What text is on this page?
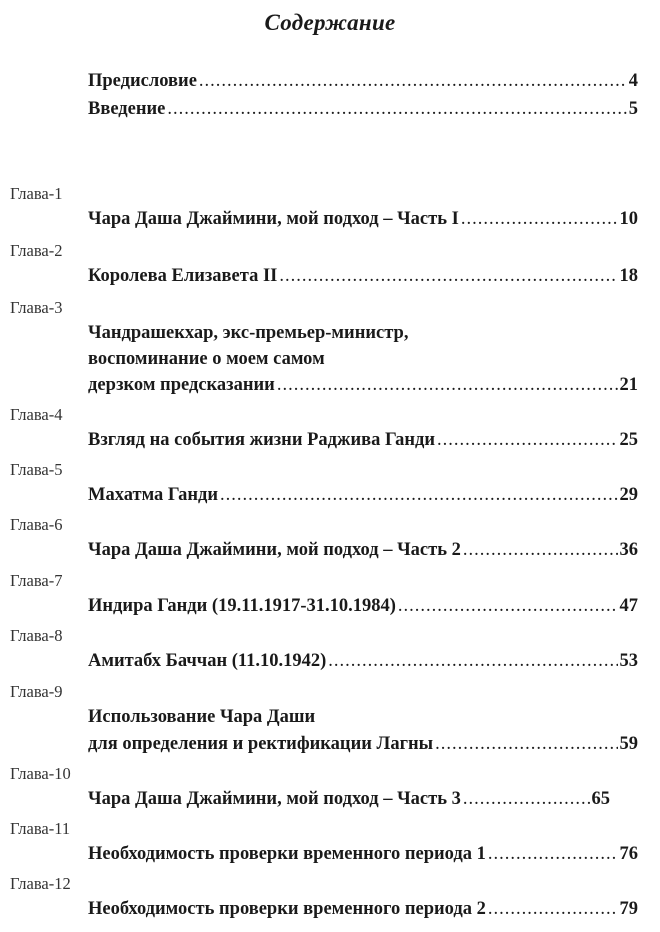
Содержание
Предисловие .....	4
Введение .....	5
Глава-1
Чара Даша Джаймини, мой подход – Часть I .....	10
Глава-2
Королева Елизавета II .....	18
Глава-3
Чандрашекхар, экс-премьер-министр,
воспоминание о моем самом
дерзком предсказании .....	21
Глава-4
Взгляд на события жизни Раджива Ганди .....	25
Глава-5
Махатма Ганди .....	29
Глава-6
Чара Даша Джаймини, мой подход – Часть 2 .....	36
Глава-7
Индира Ганди (19.11.1917-31.10.1984) .....	47
Глава-8
Амитабх Баччан (11.10.1942) .....	53
Глава-9
Использование Чара Даши
для определения и ректификации Лагны .....	59
Глава-10
Чара Даша Джаймини, мой подход – Часть 3 .....	65
Глава-11
Необходимость проверки временного периода 1 .....	76
Глава-12
Необходимость проверки временного периода 2 .....	79
